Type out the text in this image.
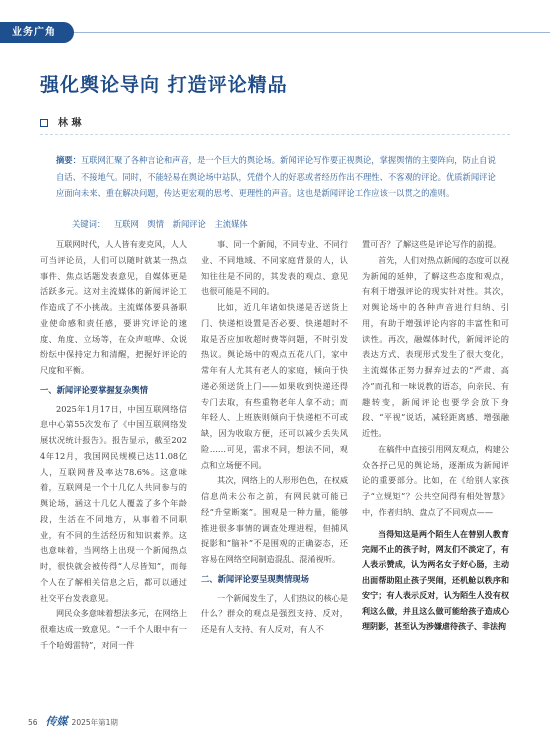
业务广角
强化舆论导向 打造评论精品
林 琳
摘要：互联网汇聚了各种言论和声音，是一个巨大的舆论场。新闻评论写作要正视舆论，掌握舆情的主要阵向，防止自说自话、不接地气。同时，不能轻易在舆论场中站队，凭借个人的好恶或者经历作出不理性、不客观的评论。优质新闻评论应面向未来、重在解决问题，传达更宏观的思考、更理性的声音。这也是新闻评论工作应该一以贯之的准则。
关键词： 互联网 舆情 新闻评论 主流媒体

互联网时代，人人皆有麦克风，人人可当评论员，人们可以随时就某一热点事件、焦点话题发表意见，自媒体更是活跃多元。这对主流媒体的新闻评论工作造成了不小挑战。主流媒体要具备职业使命感和责任感，要讲究评论的速度、角度、立场等，在众声喧哗、众说纷纭中保持定力和清醒，把握好评论的尺度和平衡。

一、新闻评论要掌握复杂舆情

2025年1月17日，中国互联网络信息中心第55次发布了《中国互联网络发展状况统计报告》。报告显示，截至2024年12月，我国网民规模已达11.08亿人，互联网普及率达78.6%。这意味着，互联网是一个十几亿人共同参与的舆论场，涵这十几亿人覆盖了多个年龄段，生活在不同地方，从事着不同职业，有不同的生活经历和知识素养。这也意味着，当网络上出现一个新闻热点时，很快就会被传得“人尽皆知”，而每个人在了解相关信息之后，都可以通过社交平台发表意见。

网民众多意味着想法多元，在网络上很难达成一致意见。“一千个人眼中有一千个哈姆雷特”，对同一件

事、同一个新闻，不同专业、不同行业、不同地域、不同家庭背景的人，认知往往是不同的，其发表的观点、意见也很可能是不同的。

比如，近几年诸如快递是否送货上门、快递柜设置是否必要、快递超时不取是否应加收超时费等问题，不时引发热议。舆论场中的观点五花八门，家中常年有人尤其有老人的家庭，倾向于快递必须送货上门——如果收到快递还得专门去取，有些重物老年人拿不动；而年轻人、上班族则倾向于快递柜不可或缺，因为收取方便，还可以减少丢失风险……可见，需求不同，想法不同，观点和立场便不同。

其次，网络上的人形形色色，在权威信息尚未公布之前，有网民就可能已经“升堂断案”。围观是一种力量，能够推进很多事情的调查处理进程，但捕风捉影和“脑补”不是围观的正确姿态，还容易在网络空间制造混乱、混淆视听。

二、新闻评论要呈现舆情现场

一个新闻发生了，人们热议的核心是什么？群众的观点是强烈支持、反对，还是有人支持、有人反对，有人不

置可否？了解这些是评论写作的前提。

首先，人们对热点新闻的态度可以视为新闻的延伸，了解这些态度和观点，有利于增强评论的现实针对性。其次，对舆论场中的各种声音进行归纳、引用，有助于增强评论内容的丰富性和可读性。再次，融媒体时代，新闻评论的表达方式、表现形式发生了很大变化，主流媒体正努力摒弃过去的“严肃、高冷”而孔和一味说教的语态，向亲民、有趣转变，新闻评论也要学会放下身段、“平视”说话，减轻距离感、增强融近性。

在稿件中直接引用网友观点，构建公众各抒己见的舆论场，逐渐成为新闻评论的重要部分。比如，在《给别人家孩子“立规矩”？公共空间得有相处智慧》中，作者归纳、盘点了不同观点——

当得知这是两个陌生人在替别人教育完闹不止的孩子时，网友们不淡定了，有人表示赞成，认为两名女子好心肠，主动出面帮助阻止孩子哭闹，还机舱以秩序和安宁；有人表示反对，认为陌生人没有权利这么做，并且这么做可能给孩子造成心理阴影，甚至认为涉嫌虐待孩子、非法拘

56 传媒 2025年第1期
